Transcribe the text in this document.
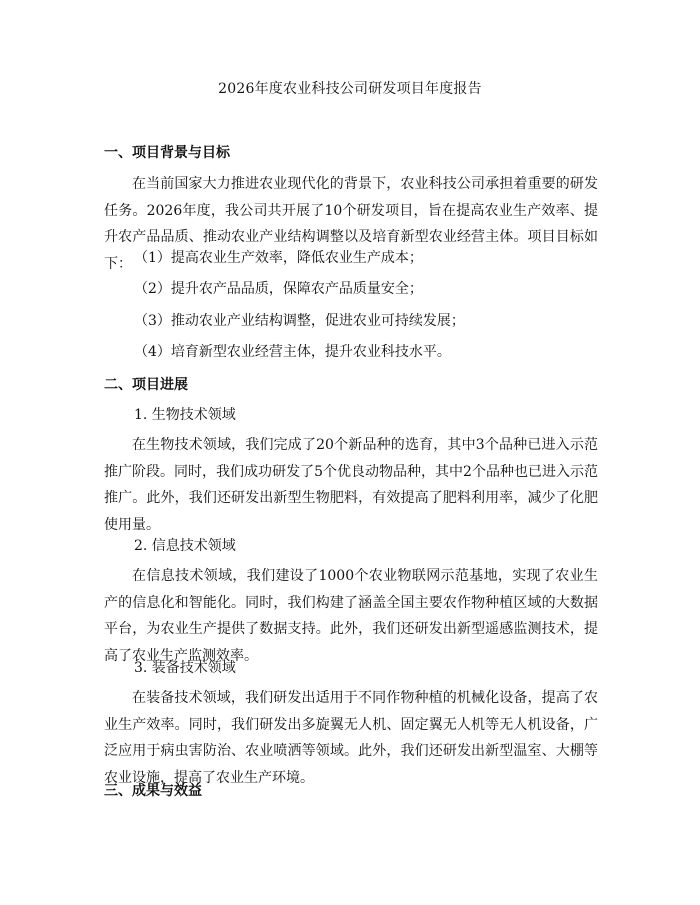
2026年度农业科技公司研发项目年度报告
一、项目背景与目标

在当前国家大力推进农业现代化的背景下，农业科技公司承担着重要的研发任务。2026年度，我公司共开展了10个研发项目，旨在提高农业生产效率、提升农产品品质、推动农业产业结构调整以及培育新型农业经营主体。项目目标如下： （1）提高农业生产效率，降低农业生产成本；
（2）提升农产品品质，保障农产品质量安全；
（3）推动农业产业结构调整，促进农业可持续发展；
（4）培育新型农业经营主体，提升农业科技水平。
二、项目进展
1. 生物技术领域

在生物技术领域，我们完成了20个新品种的选育，其中3个品种已进入示范推广阶段。同时，我们成功研发了5个优良动物品种，其中2个品种也已进入示范推广。此外，我们还研发出新型生物肥料，有效提高了肥料利用率，减少了化肥使用量。

2. 信息技术领域

在信息技术领域，我们建设了1000个农业物联网示范基地，实现了农业生产的信息化和智能化。同时，我们构建了涵盖全国主要农作物种植区域的大数据平台，为农业生产提供了数据支持。此外，我们还研发出新型遥感监测技术，提高了农业生产监测效率。

3. 装备技术领域

在装备技术领域，我们研发出适用于不同作物种植的机械化设备，提高了农业生产效率。同时，我们研发出多旋翼无人机、固定翼无人机等无人机设备，广泛应用于病虫害防治、农业喷洒等领域。此外，我们还研发出新型温室、大棚等农业设施，提高了农业生产环境。

三、成果与效益
